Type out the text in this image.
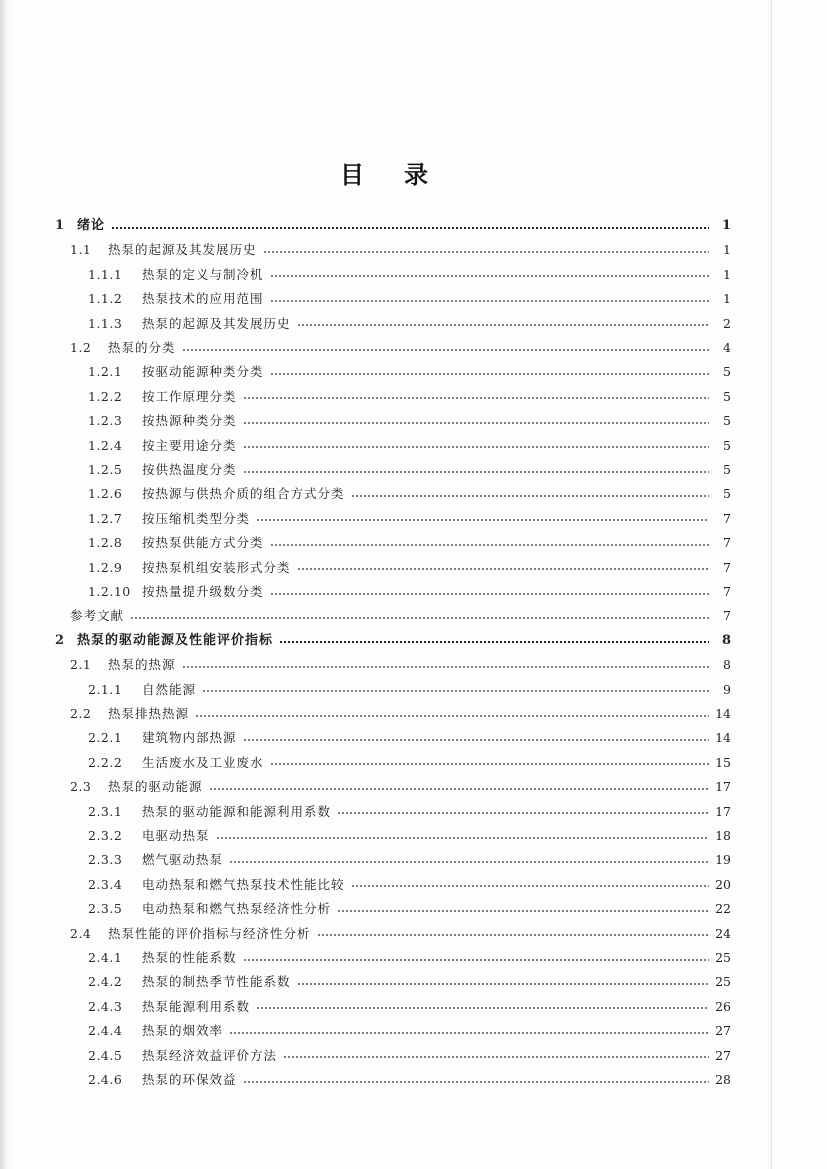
目 录
1 绪论	1
1.1	热泵的起源及其发展历史	1
1.1.1	热泵的定义与制冷机	1
1.1.2	热泵技术的应用范围	1
1.1.3	热泵的起源及其发展历史	2
1.2	热泵的分类	4
1.2.1	按驱动能源种类分类	5
1.2.2	按工作原理分类	5
1.2.3	按热源种类分类	5
1.2.4	按主要用途分类	5
1.2.5	按供热温度分类	5
1.2.6	按热源与供热介质的组合方式分类	5
1.2.7	按压缩机类型分类	7
1.2.8	按热泵供能方式分类	7
1.2.9	按热泵机组安装形式分类	7
1.2.10 按热量提升级数分类	7
参考文献	7
2 热泵的驱动能源及性能评价指标	8
2.1	热泵的热源	8
2.1.1	自然能源	9
2.2	热泵排热热源	14
2.2.1	建筑物内部热源	14
2.2.2	生活废水及工业废水	15
2.3	热泵的驱动能源	17
2.3.1	热泵的驱动能源和能源利用系数	17
2.3.2	电驱动热泵	18
2.3.3	燃气驱动热泵	19
2.3.4	电动热泵和燃气热泵技术性能比较	20
2.3.5	电动热泵和燃气热泵经济性分析	22
2.4	热泵性能的评价指标与经济性分析	24
2.4.1	热泵的性能系数	25
2.4.2	热泵的制热季节性能系数	25
2.4.3	热泵能源利用系数	26
2.4.4	热泵的烟效率	27
2.4.5	热泵经济效益评价方法	27
2.4.6	热泵的环保效益	28
